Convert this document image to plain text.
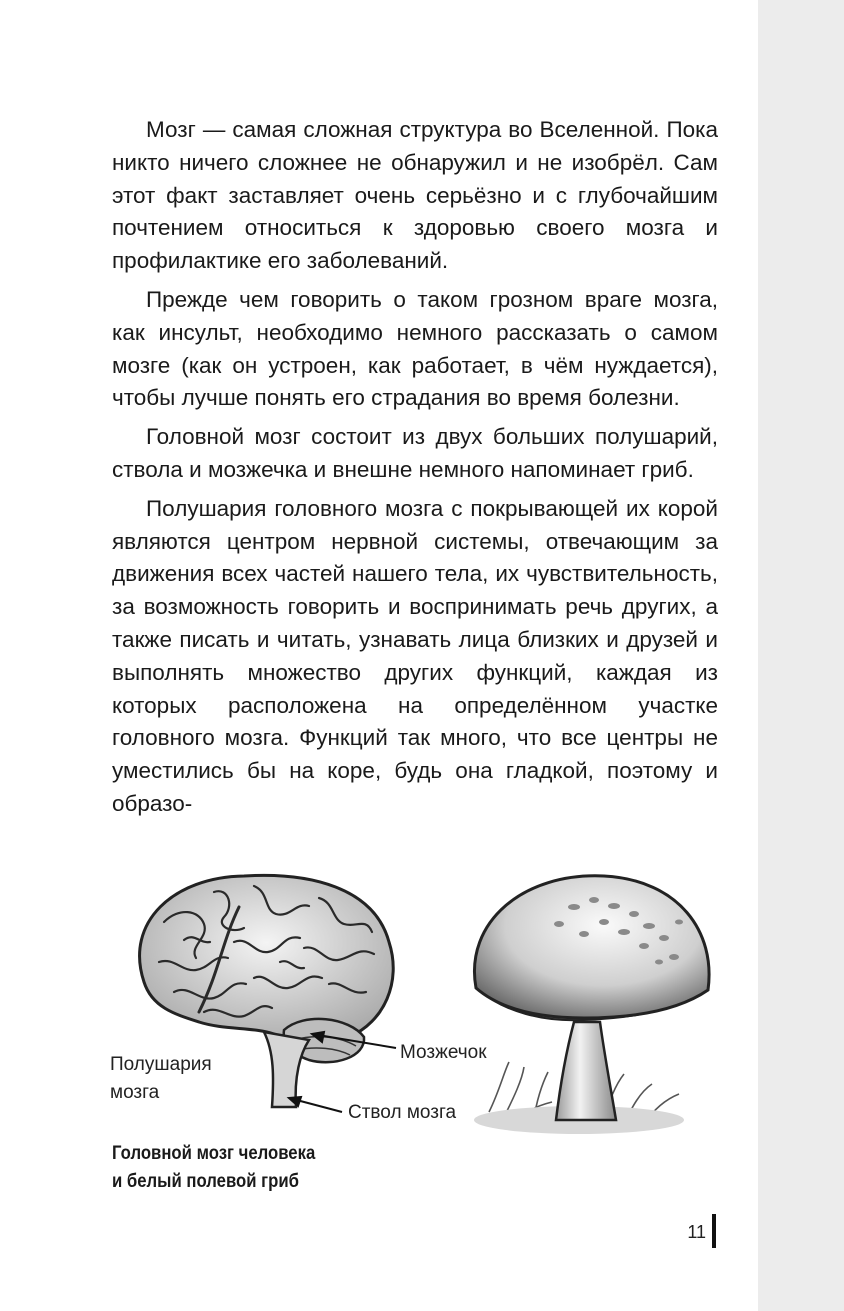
Мозг — самая сложная структура во Вселенной. Пока никто ничего сложнее не обнаружил и не изобрёл. Сам этот факт заставляет очень серьёзно и с глубочайшим почтением относиться к здоровью своего мозга и профилактике его заболеваний.

Прежде чем говорить о таком грозном враге мозга, как инсульт, необходимо немного рассказать о самом мозге (как он устроен, как работает, в чём нуждается), чтобы лучше понять его страдания во время болезни.

Головной мозг состоит из двух больших полушарий, ствола и мозжечка и внешне немного напоминает гриб.

Полушария головного мозга с покрывающей их корой являются центром нервной системы, отвечающим за движения всех частей нашего тела, их чувствительность, за возможность говорить и воспринимать речь других, а также писать и читать, узнавать лица близких и друзей и выполнять множество других функций, каждая из которых расположена на определённом участке головного мозга. Функций так много, что все центры не уместились бы на коре, будь она гладкой, поэтому и образо-

Полушария
мозга
Мозжечок
Ствол мозга
Головной мозг человека
и белый полевой гриб
11
